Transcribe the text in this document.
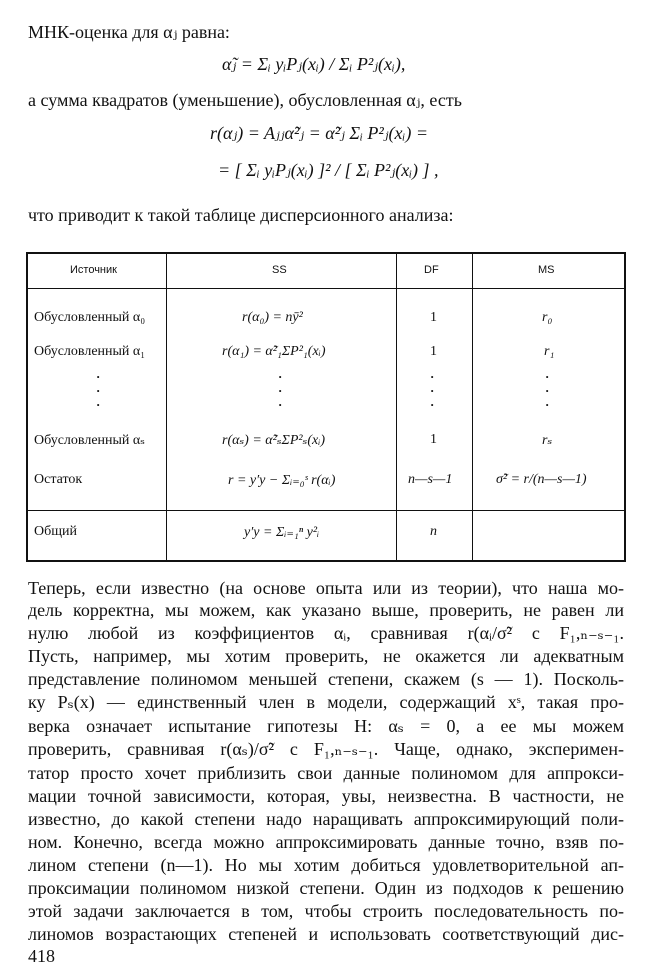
МНК-оценка для αⱼ равна:
α̃ⱼ = Σᵢ yᵢPⱼ(xᵢ) / Σᵢ P²ⱼ(xᵢ),
а сумма квадратов (уменьшение), обусловленная αⱼ, есть
r(αⱼ) = Aⱼⱼα̃²ⱼ = α̃²ⱼ Σᵢ P²ⱼ(xᵢ) =
= [ Σᵢ yᵢPⱼ(xᵢ) ]² / [ Σᵢ P²ⱼ(xᵢ) ] ,
что приводит к такой таблице дисперсионного анализа:
Источник	SS	DF	MS
Обусловленный α₀	r(α₀) = nȳ²	1	r₀
Обусловленный α₁	r(α₁) = α̃²₁ΣP²₁(xᵢ)	1	r₁
·
·
·
·
·
·
·
·
·
·
·
·
Обусловленный αₛ	r(αₛ) = α̃²ₛΣP²ₛ(xᵢ)	1	rₛ
Остаток	r = y′y − Σᵢ₌₀ˢ r(αᵢ)	n—s—1	σ̃² = r/(n—s—1)
Общий	y′y = Σᵢ₌₁ⁿ y²ᵢ	n
Теперь, если известно (на основе опыта или из теории), что наша мо-
дель корректна, мы можем, как указано выше, проверить, не равен ли
нулю любой из коэффициентов αᵢ, сравнивая r(αᵢ/σ̃² с F₁,ₙ₋ₛ₋₁.
Пусть, например, мы хотим проверить, не окажется ли адекватным
представление полиномом меньшей степени, скажем (s — 1). Посколь-
ку Pₛ(x) — единственный член в модели, содержащий xˢ, такая про-
верка означает испытание гипотезы H: αₛ = 0, а ее мы можем
проверить, сравнивая r(αₛ)/σ̃² с F₁,ₙ₋ₛ₋₁. Чаще, однако, эксперимен-
татор просто хочет приблизить свои данные полиномом для аппрокси-
мации точной зависимости, которая, увы, неизвестна. В частности, не
известно, до какой степени надо наращивать аппроксимирующий поли-
ном. Конечно, всегда можно аппроксимировать данные точно, взяв по-
лином степени (n—1). Но мы хотим добиться удовлетворительной ап-
проксимации полиномом низкой степени. Один из подходов к решению
этой задачи заключается в том, чтобы строить последовательность по-
линомов возрастающих степеней и использовать соответствующий дис-
418
